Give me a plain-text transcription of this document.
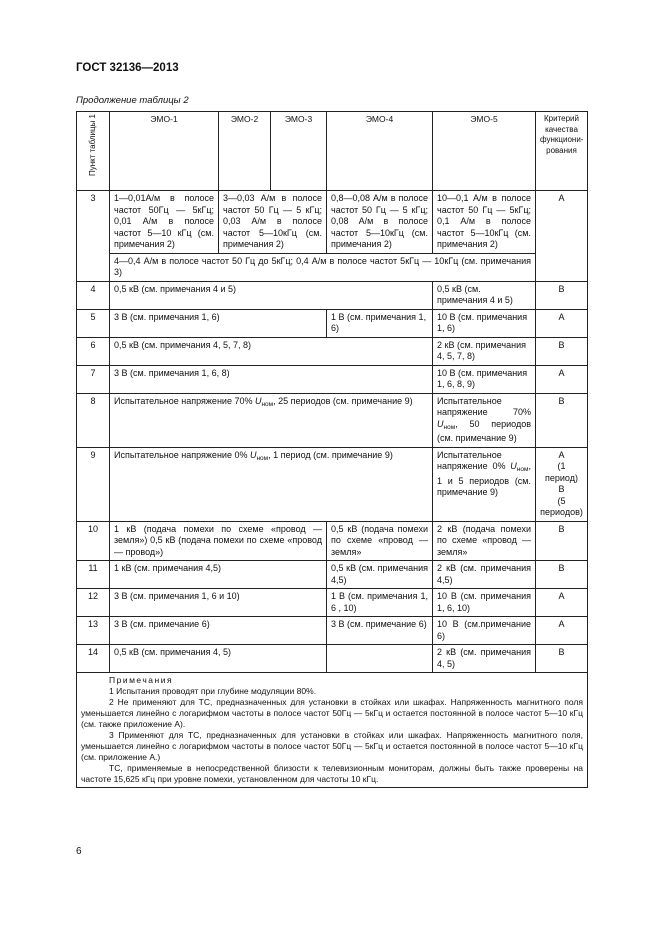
ГОСТ 32136—2013
Продолжение таблицы 2
Пункт таблицы 1	ЭМО-1	ЭМО-2	ЭМО-3	ЭМО-4	ЭМО-5	Критерий качества функциони-рования

3	1—0,01А/м в полосе частот 50Гц — 5кГц; 0,01 А/м в полосе частот 5—10 кГц (см. примечания 2)	3—0,03 А/м в полосе частот 50 Гц — 5 кГц; 0,03 А/м в полосе частот 5—10кГц (см. примечания 2)		0,8—0,08 А/м в полосе частот 50 Гц — 5 кГц; 0,08 А/м в полосе частот 5—10кГц (см. примечания 2)	10—0,1 А/м в полосе частот 50 Гц — 5кГц; 0,1 А/м в полосе частот 5—10кГц (см. примечания 2)	А
	4—0,4 А/м в полосе частот 50 Гц до 5кГц; 0,4 А/м в полосе частот 5кГц — 10кГц (см. примечания 3)					
4	0,5 кВ (см. примечания 4 и 5)				0,5 кВ (см. примечания 4 и 5)	В
5	3 В (см. примечания 1, 6)			1 В (см. примечания 1, 6)	10 В (см. примечания 1, 6)	А
6	0,5 кВ (см. примечания 4, 5, 7, 8)				2 кВ (см. примечания 4, 5, 7, 8)	В
7	3 В (см. примечания 1, 6, 8)				10 В (см. примечания 1, 6, 8, 9)	А
8	Испытательное напряжение 70% $U_{ном}$, 25 периодов (см. примечание 9)				Испытательное напряжение 70% $U_{ном}$, 50 периодов (см. примечание 9)	В
9	Испытательное напряжение 0% $U_{ном}$, 1 период (см. примечание 9)				Испытательное напряжение 0% $U_{ном}$, 1 и 5 периодов (см. примечание 9)	А
(1 период)
В
(5 периодов)

10	1 кВ (подача помехи по схеме «провод — земля») 0,5 кВ (подача помехи по схеме «провод — провод»)			0,5 кВ (подача помехи по схеме «провод — земля»	2 кВ (подача помехи по схеме «провод — земля»	В
11	1 кВ (см. примечания 4,5)			0,5 кВ (см. примечания 4,5)	2 кВ (см. примечания 4,5)	В
12	3 В (см. примечания 1, 6 и 10)			1 В (см. примечания 1, 6 , 10)	10 В (см. примечания 1, 6, 10)	А
13	3 В (см. примечание 6)			3 В (см. примечание 6)	10 В (см.примечание 6)	А
14	0,5 кВ (см. примечания 4, 5)				2 кВ (см. примечания 4, 5)	В

Примечания

1 Испытания проводят при глубине модуляции 80%.

2 Не применяют для ТС, предназначенных для установки в стойках или шкафах. Напряженность магнитного поля уменьшается линейно с логарифмом частоты в полосе частот 50Гц — 5кГц и остается постоянной в полосе частот 5—10 кГц (см. также приложение А).

3 Применяют для ТС, предназначенных для установки в стойках или шкафах. Напряженность магнитного поля, уменьшается линейно с логарифмом частоты в полосе частот 50Гц — 5кГц и остается постоянной в полосе частот 5—10 кГц (см. приложение А.)

ТС, применяемые в непосредственной близости к телевизионным мониторам, должны быть также проверены на частоте 15,625 кГц при уровне помехи, установленном для частоты 10 кГц.						

6
